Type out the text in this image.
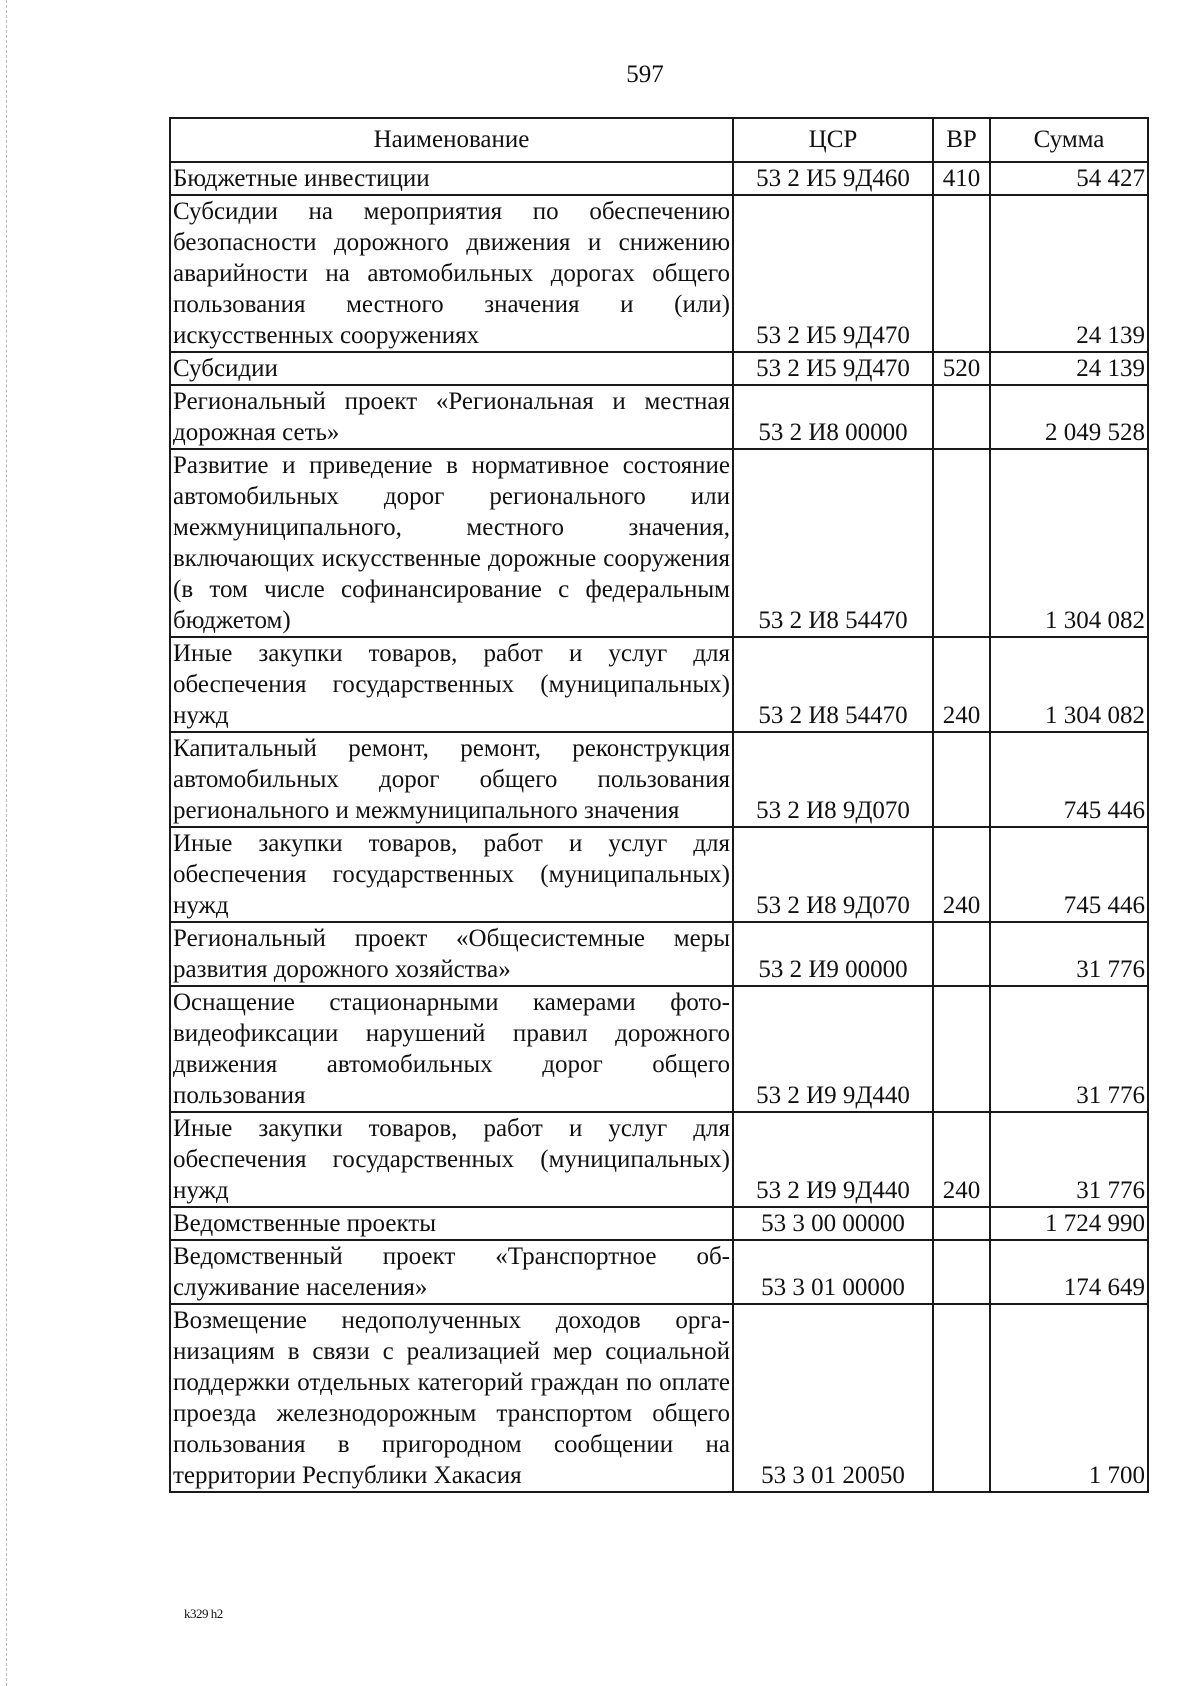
597
Наименование	ЦСР	ВР	Сумма
Бюджетные инвестиции	53 2 И5 9Д460	410	54 427
Субсидии на мероприятия по обеспечению безопасности дорожного движения и снижению аварийности на автомобильных дорогах общего пользования местного значения и (или) искусственных сооружениях	53 2 И5 9Д470		24 139
Субсидии	53 2 И5 9Д470	520	24 139
Региональный проект «Региональная и местная дорожная сеть»	53 2 И8 00000		2 049 528
Развитие и приведение в нормативное состояние автомобильных дорог регионального или межмуниципального, местного значения, включающих искусственные дорожные сооружения (в том числе софинансирование с федеральным бюджетом)	53 2 И8 54470		1 304 082
Иные закупки товаров, работ и услуг для обеспечения государственных (муниципальных) нужд	53 2 И8 54470	240	1 304 082
Капитальный ремонт, ремонт, реконструкция автомобильных дорог общего пользования регионального и межмуниципального значения	53 2 И8 9Д070		745 446
Иные закупки товаров, работ и услуг для обеспечения государственных (муниципальных) нужд	53 2 И8 9Д070	240	745 446
Региональный проект «Общесистемные меры развития дорожного хозяйства»	53 2 И9 00000		31 776
Оснащение стационарными камерами фото-видеофиксации нарушений правил дорожного движения автомобильных дорог общего пользования	53 2 И9 9Д440		31 776
Иные закупки товаров, работ и услуг для обеспечения государственных (муниципальных) нужд	53 2 И9 9Д440	240	31 776
Ведомственные проекты	53 3 00 00000		1 724 990
Ведомственный проект «Транспортное обслуживание населения»	53 3 01 00000		174 649
Возмещение недополученных доходов организациям в связи с реализацией мер социальной поддержки отдельных категорий граждан по оплате проезда железнодорожным транспортом общего пользования в пригородном сообщении на территории Республики Хакасия	53 3 01 20050		1 700
k329 h2
